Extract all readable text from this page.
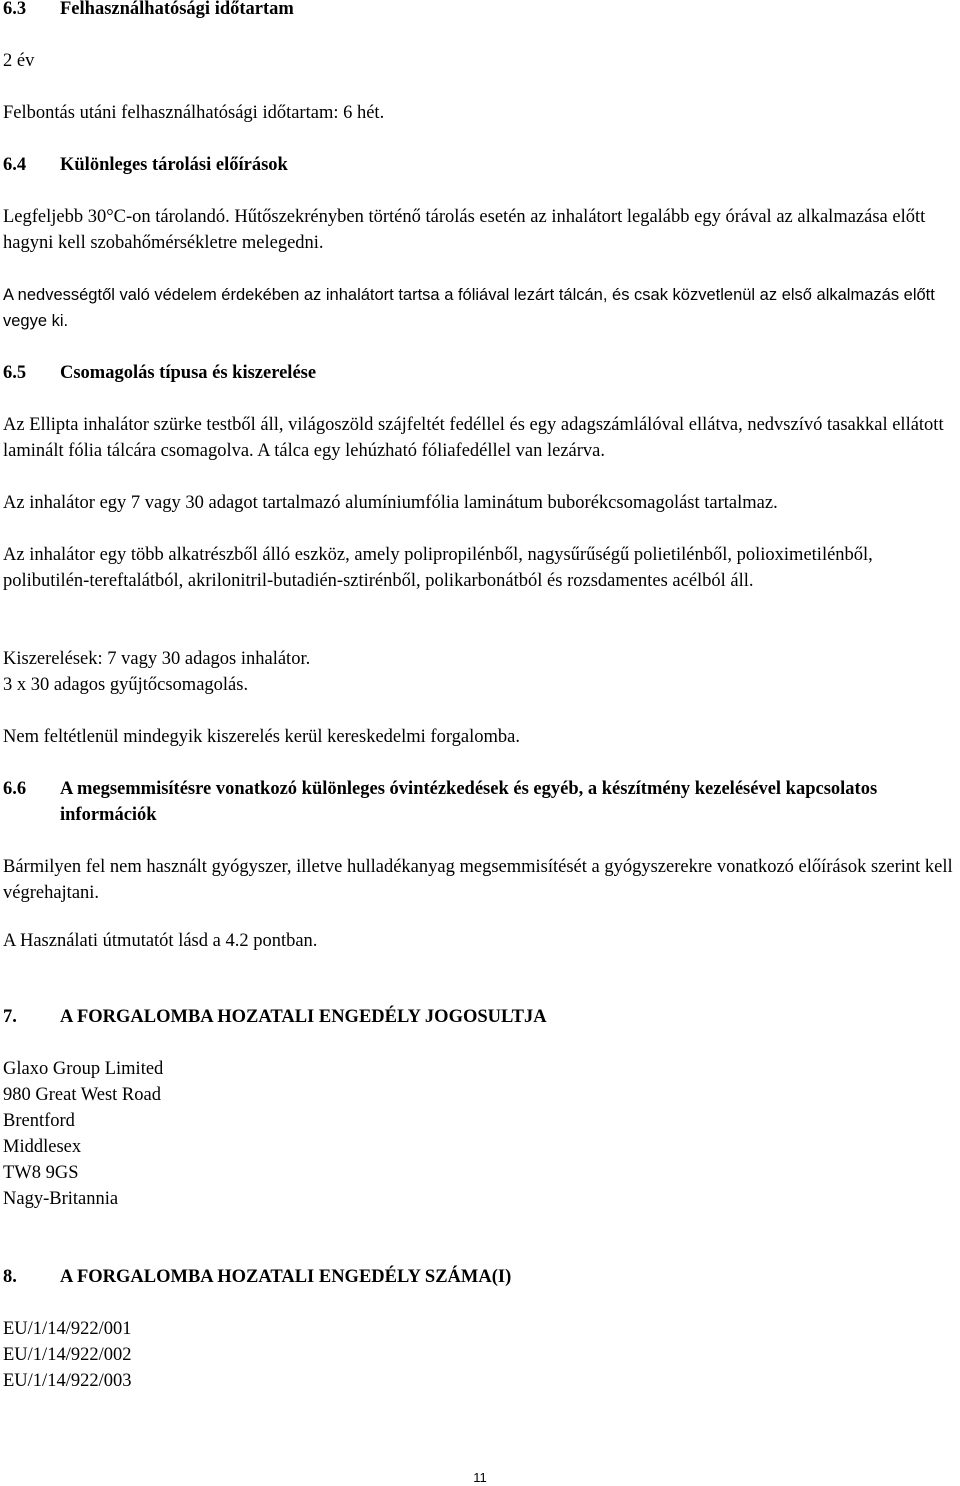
6.3 Felhasználhatósági időtartam

2 év

Felbontás utáni felhasználhatósági időtartam: 6 hét.

6.4 Különleges tárolási előírások

Legfeljebb 30°C-on tárolandó. Hűtőszekrényben történő tárolás esetén az inhalátort legalább egy órával az alkalmazása előtt hagyni kell szobahőmérsékletre melegedni.

A nedvességtől való védelem érdekében az inhalátort tartsa a fóliával lezárt tálcán, és csak közvetlenül az első alkalmazás előtt vegye ki.

6.5 Csomagolás típusa és kiszerelése

Az Ellipta inhalátor szürke testből áll, világoszöld szájfeltét fedéllel és egy adagszámlálóval ellátva, nedvszívó tasakkal ellátott laminált fólia tálcára csomagolva. A tálca egy lehúzható fóliafedéllel van lezárva.

Az inhalátor egy 7 vagy 30 adagot tartalmazó alumíniumfólia laminátum buborékcsomagolást tartalmaz.

Az inhalátor egy több alkatrészből álló eszköz, amely polipropilénből, nagysűrűségű polietilénből, polioximetilénből, polibutilén-tereftalátból, akrilonitril-butadién-sztirénből, polikarbonátból és rozsdamentes acélból áll.

Kiszerelések: 7 vagy 30 adagos inhalátor.
3 x 30 adagos gyűjtőcsomagolás.

Nem feltétlenül mindegyik kiszerelés kerül kereskedelmi forgalomba.

6.6 A megsemmisítésre vonatkozó különleges óvintézkedések és egyéb, a készítmény kezelésével kapcsolatos információk

Bármilyen fel nem használt gyógyszer, illetve hulladékanyag megsemmisítését a gyógyszerekre vonatkozó előírások szerint kell végrehajtani.

A Használati útmutatót lásd a 4.2 pontban.

7. A FORGALOMBA HOZATALI ENGEDÉLY JOGOSULTJA
Glaxo Group Limited
980 Great West Road
Brentford
Middlesex
TW8 9GS
Nagy-Britannia
8. A FORGALOMBA HOZATALI ENGEDÉLY SZÁMA(I)
EU/1/14/922/001
EU/1/14/922/002
EU/1/14/922/003
11
